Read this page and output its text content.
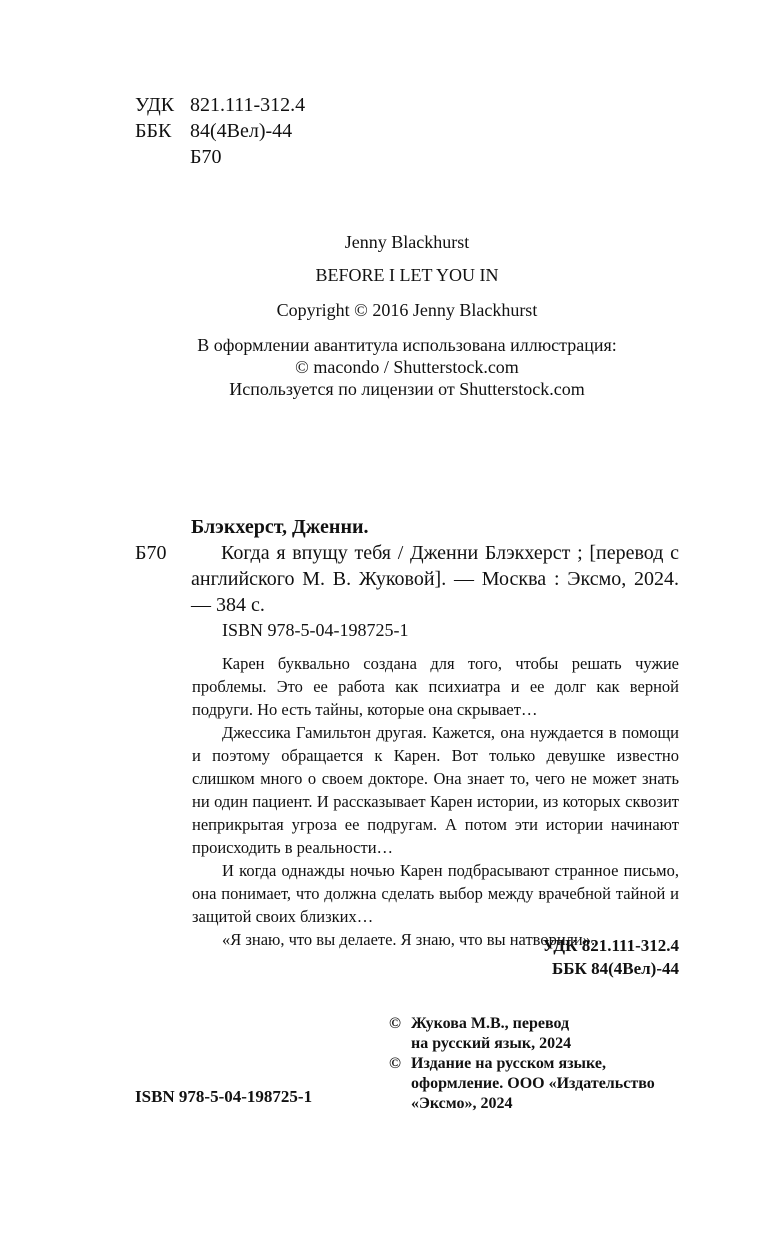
УДК 821.111-312.4
ББК 84(4Вел)-44
Б70
Jenny Blackhurst
BEFORE I LET YOU IN
Copyright © 2016 Jenny Blackhurst
В оформлении авантитула использована иллюстрация:
© macondo / Shutterstock.com
Используется по лицензии от Shutterstock.com
Блэкхерст, Дженни.
Б70	Когда я впущу тебя / Дженни Блэкхерст ; [перевод с английского М. В. Жуковой]. — Москва : Эксмо, 2024. — 384 с.
ISBN 978-5-04-198725-1

Карен буквально создана для того, чтобы решать чужие проблемы. Это ее работа как психиатра и ее долг как верной подруги. Но есть тайны, которые она скрывает…

Джессика Гамильтон другая. Кажется, она нуждается в помощи и поэтому обращается к Карен. Вот только девушке известно слишком много о своем докторе. Она знает то, чего не может знать ни один пациент. И рассказывает Карен истории, из которых сквозит неприкрытая угроза ее подругам. А потом эти истории начинают происходить в реальности…

И когда однажды ночью Карен подбрасывают странное письмо, она понимает, что должна сделать выбор между врачебной тайной и защитой своих близких…

«Я знаю, что вы делаете. Я знаю, что вы натворили».

УДК 821.111-312.4
ББК 84(4Вел)-44
© Жукова М.В., перевод
на русский язык, 2024
© Издание на русском языке,
оформление. ООО «Издательство
«Эксмо», 2024
ISBN 978-5-04-198725-1
